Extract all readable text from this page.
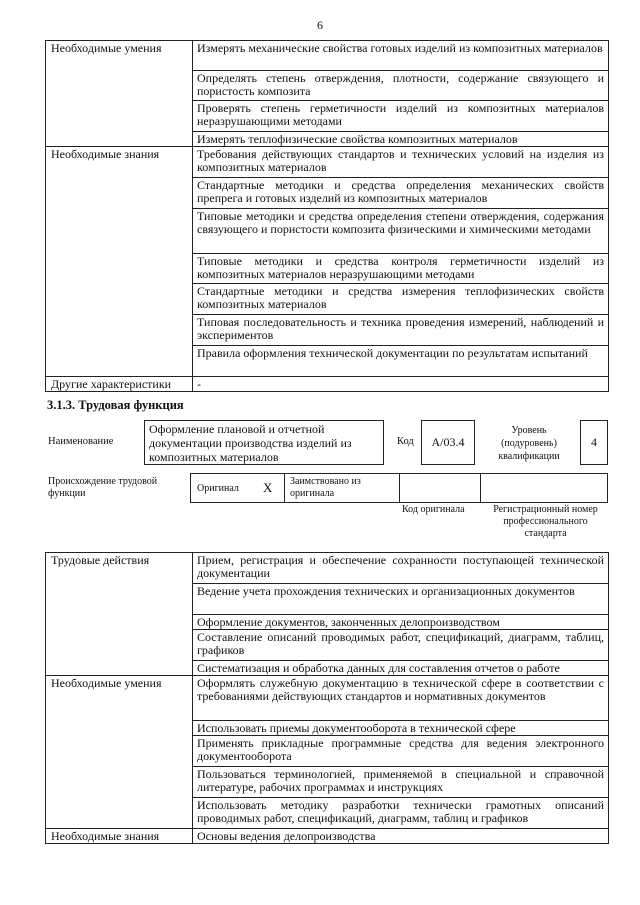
6
Необходимые умения	Измерять механические свойства готовых изделий из композитных материалов
	Определять степень отверждения, плотности, содержание связующего и пористость композита
	Проверять степень герметичности изделий из композитных материалов неразрушающими методами
	Измерять теплофизические свойства композитных материалов
Необходимые знания	Требования действующих стандартов и технических условий на изделия из композитных материалов
	Стандартные методики и средства определения механических свойств препрега и готовых изделий из композитных материалов
	Типовые методики и средства определения степени отверждения, содержания связующего и пористости композита физическими и химическими методами
	Типовые методики и средства контроля герметичности изделий из композитных материалов неразрушающими методами
	Стандартные методики и средства измерения теплофизических свойств композитных материалов
	Типовая последовательность и техника проведения измерений, наблюдений и экспериментов
	Правила оформления технической документации по результатам испытаний
Другие характеристики	-
3.1.3. Трудовая функция
Наименование
Оформление плановой и отчетной документации производства изделий из композитных материалов
Код	А/03.4
Уровень (подуровень) квалификации
4
Происхождение трудовой функции	Оригинал X Заимствовано из оригинала
Код оригинала	Регистрационный номер профессионального стандарта
Трудовые действия	Прием, регистрация и обеспечение сохранности поступающей технической документации
	Ведение учета прохождения технических и организационных документов
	Оформление документов, законченных делопроизводством
	Составление описаний проводимых работ, спецификаций, диаграмм, таблиц, графиков
	Систематизация и обработка данных для составления отчетов о работе
Необходимые умения	Оформлять служебную документацию в технической сфере в соответствии с требованиями действующих стандартов и нормативных документов
	Использовать приемы документооборота в технической сфере
	Применять прикладные программные средства для ведения электронного документооборота
	Пользоваться терминологией, применяемой в специальной и справочной литературе, рабочих программах и инструкциях
	Использовать методику разработки технически грамотных описаний проводимых работ, спецификаций, диаграмм, таблиц и графиков
Необходимые знания	Основы ведения делопроизводства
